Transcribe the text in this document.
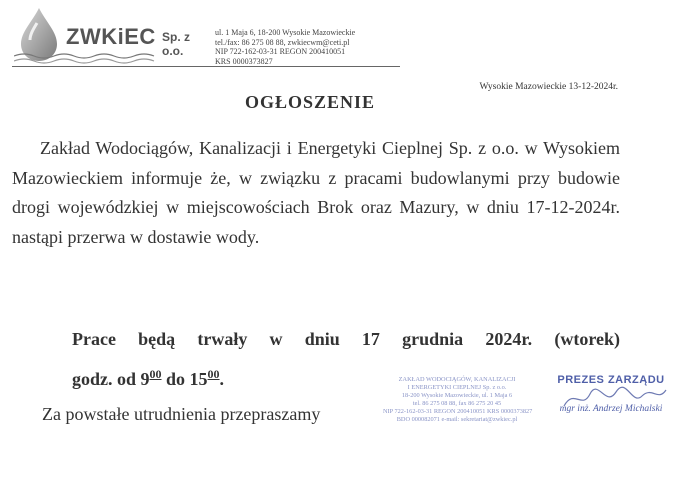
ZWKiEC Sp. z o.o.
ul. 1 Maja 6, 18-200 Wysokie Mazowieckie
tel./fax: 86 275 08 88, zwkiecwm@ceti.pl
NIP 722-162-03-31 REGON 200410051
KRS 0000373827
Wysokie Mazowieckie 13-12-2024r.
OGŁOSZENIE

Zakład Wodociągów, Kanalizacji i Energetyki Cieplnej Sp. z o.o. w Wysokiem Mazowieckiem informuje że, w związku z pracami budowlanymi przy budowie drogi wojewódzkiej w miejscowościach Brok oraz Mazury, w dniu 17-12-2024r. nastąpi przerwa w dostawie wody.

Prace będą trwały w dniu 17 grudnia 2024r. (wtorek)
godz. od $9^{00}$ do $15^{00}$.
Za powstałe utrudnienia przepraszamy
ZAKŁAD WODOCIĄGÓW, KANALIZACJI
I ENERGETYKI CIEPLNEJ Sp. z o.o.
18-200 Wysokie Mazowieckie, ul. 1 Maja 6
tel. 86 275 08 88, fax 86 275 20 45
NIP 722-162-03-31 REGON 200410051 KRS 0000373827
BDO 000082071 e-mail: sekretariat@zwkiec.pl
PREZES ZARZĄDU
mgr inż. Andrzej Michalski
